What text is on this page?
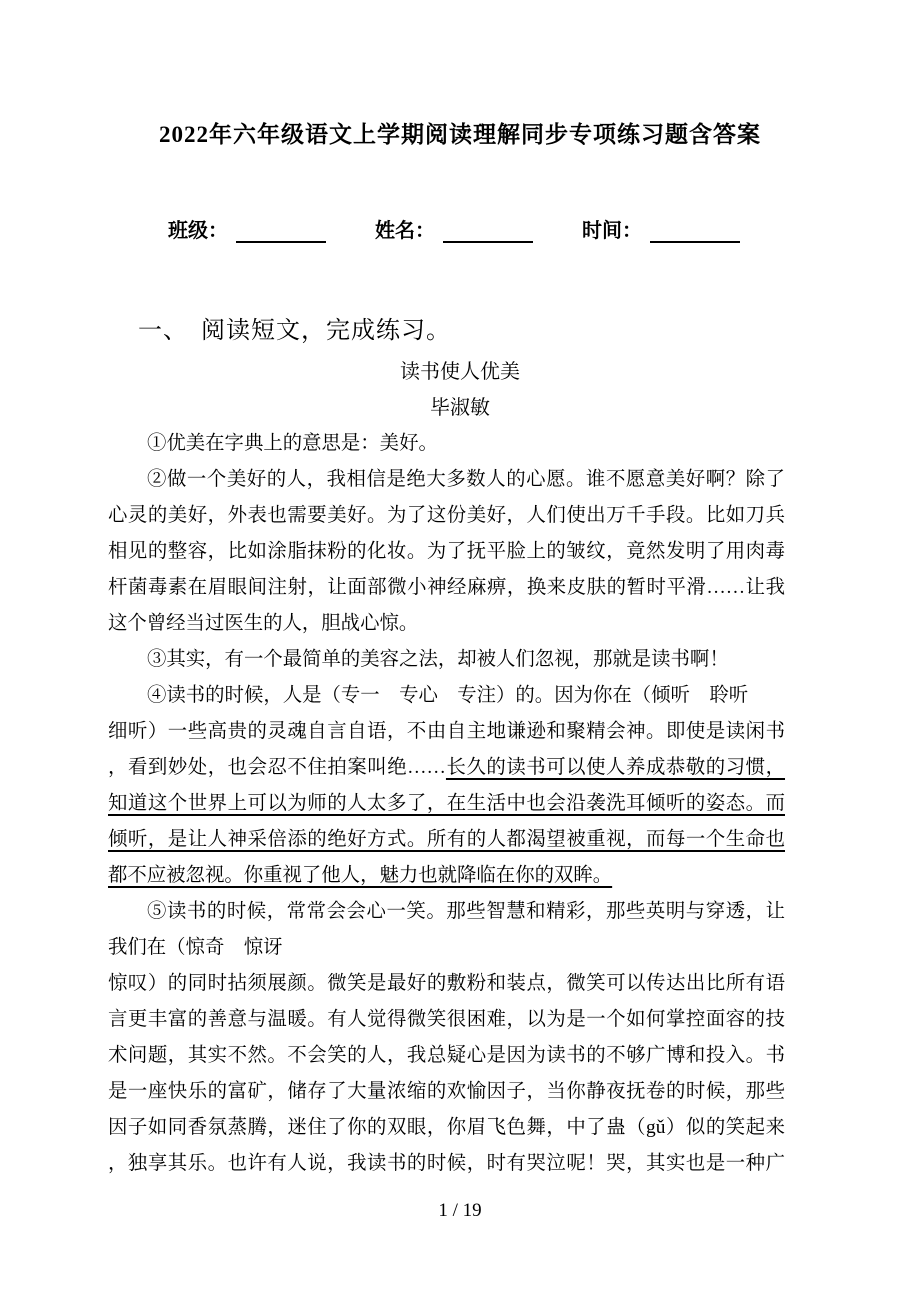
2022年六年级语文上学期阅读理解同步专项练习题含答案
班级：	姓名：	时间：
一、　阅读短文，完成练习。
读书使人优美
毕淑敏
①优美在字典上的意思是：美好。
②做一个美好的人，我相信是绝大多数人的心愿。谁不愿意美好啊？除了
心灵的美好，外表也需要美好。为了这份美好，人们使出万千手段。比如刀兵
相见的整容，比如涂脂抹粉的化妆。为了抚平脸上的皱纹，竟然发明了用肉毒
杆菌毒素在眉眼间注射，让面部微小神经麻痹，换来皮肤的暂时平滑……让我
这个曾经当过医生的人，胆战心惊。
③其实，有一个最简单的美容之法，却被人们忽视，那就是读书啊！
④读书的时候，人是（专一　专心　专注）的。因为你在（倾听　聆听
细听）一些高贵的灵魂自言自语，不由自主地谦逊和聚精会神。即使是读闲书
，看到妙处，也会忍不住拍案叫绝……长久的读书可以使人养成恭敬的习惯，
知道这个世界上可以为师的人太多了，在生活中也会沿袭洗耳倾听的姿态。而
倾听，是让人神采倍添的绝好方式。所有的人都渴望被重视，而每一个生命也
都不应被忽视。你重视了他人，魅力也就降临在你的双眸。
⑤读书的时候，常常会会心一笑。那些智慧和精彩，那些英明与穿透，让
我们在（惊奇　惊讶
惊叹）的同时拈须展颜。微笑是最好的敷粉和装点，微笑可以传达出比所有语
言更丰富的善意与温暖。有人觉得微笑很困难，以为是一个如何掌控面容的技
术问题，其实不然。不会笑的人，我总疑心是因为读书的不够广博和投入。书
是一座快乐的富矿，储存了大量浓缩的欢愉因子，当你静夜抚卷的时候，那些
因子如同香氛蒸腾，迷住了你的双眼，你眉飞色舞，中了蛊（gǔ）似的笑起来
，独享其乐。也许有人说，我读书的时候，时有哭泣呢！哭，其实也是一种广
1 / 19
